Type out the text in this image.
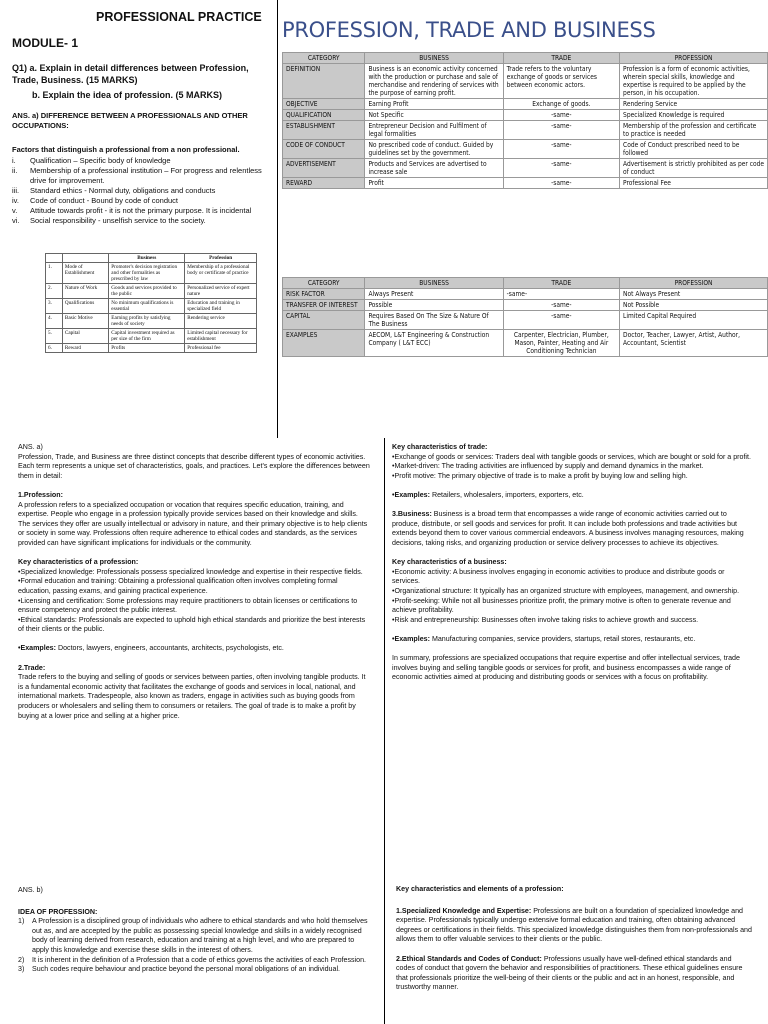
PROFESSIONAL PRACTICE
MODULE- 1
Q1) a. Explain in detail differences between Profession, Trade, Business. (15 MARKS)
b. Explain the idea of profession. (5 MARKS)
ANS. a) DIFFERENCE BETWEEN A PROFESSIONALS AND OTHER OCCUPATIONS:
Factors that distinguish a professional from a non professional.
i.	Qualification – Specific body of knowledge
ii.	Membership of a professional institution – For progress and relentless drive for improvement.
iii.	Standard ethics - Normal duty, obligations and conducts
iv.	Code of conduct - Bound by code of conduct
v.	Attitude towards profit - it is not the primary purpose. It is incidental
vi.	Social responsibility - unselfish service to the society.
		Business	Profession
1.	Mode of Establishment	Promoter's decision registration and other formalities as prescribed by law	Membership of a professional body or certificate of practice
2.	Nature of Work	Goods and services provided to the public	Personalized service of expert nature
3.	Qualifications	No minimum qualifications is essential	Education and training in specialized field
4.	Basic Motive	Earning profits by satisfying needs of society	Rendering service
5.	Capital	Capital investment required as per size of the firm	Limited capital necessary for establishment
6.	Reward	Profits	Professional fee
PROFESSION, TRADE AND BUSINESS
CATEGORY	BUSINESS	TRADE	PROFESSION
DEFINITION	Business is an economic activity concerned with the production or purchase and sale of merchandise and rendering of services with the purpose of earning profit.	Trade refers to the voluntary exchange of goods or services between economic actors.	Profession is a form of economic activities, wherein special skills, knowledge and expertise is required to be applied by the person, in his occupation.
OBJECTIVE	Earning Profit	Exchange of goods.	Rendering Service
QUALIFICATION	Not Specific	-same-	Specialized Knowledge is required
ESTABLISHMENT	Entrepreneur Decision and Fulfilment of legal formalities	-same-	Membership of the profession and certificate to practice is needed
CODE OF CONDUCT	No prescribed code of conduct. Guided by guidelines set by the government.	-same-	Code of Conduct prescribed need to be followed
ADVERTISEMENT	Products and Services are advertised to increase sale	-same-	Advertisement is strictly prohibited as per code of conduct
REWARD	Profit	-same-	Professional Fee
CATEGORY	BUSINESS	TRADE	PROFESSION
RISK FACTOR	Always Present	-same-	Not Always Present
TRANSFER OF INTEREST	Possible	-same-	Not Possible
CAPITAL	Requires Based On The Size & Nature Of The Business	-same-	Limited Capital Required
EXAMPLES	AECOM, L&T Engineering & Construction Company ( L&T ECC)	Carpenter, Electrician, Plumber, Mason, Painter, Heating and Air Conditioning Technician	Doctor, Teacher, Lawyer, Artist, Author, Accountant, Scientist
ANS. a)

Profession, Trade, and Business are three distinct concepts that describe different types of economic activities. Each term represents a unique set of characteristics, goals, and practices. Let's explore the differences between them in detail:

1.Profession:

A profession refers to a specialized occupation or vocation that requires specific education, training, and expertise. People who engage in a profession typically provide services based on their knowledge and skills. The services they offer are usually intellectual or advisory in nature, and their primary objective is to help clients or society in some way. Professions often require adherence to ethical codes and standards, as the services provided can have significant implications for individuals or the community.

Key characteristics of a profession:
•Specialized knowledge: Professionals possess specialized knowledge and expertise in their respective fields.
•Formal education and training: Obtaining a professional qualification often involves completing formal education, passing exams, and gaining practical experience.
•Licensing and certification: Some professions may require practitioners to obtain licenses or certifications to ensure competency and protect the public interest.

•Ethical standards: Professionals are expected to uphold high ethical standards and prioritize the best interests of their clients or the public.

•Examples: Doctors, lawyers, engineers, accountants, architects, psychologists, etc.

2.Trade:

Trade refers to the buying and selling of goods or services between parties, often involving tangible products. It is a fundamental economic activity that facilitates the exchange of goods and services in local, national, and international markets. Tradespeople, also known as traders, engage in activities such as buying goods from producers or wholesalers and selling them to consumers or retailers. The goal of trade is to make a profit by buying at a lower price and selling at a higher price.

Key characteristics of trade:
•Exchange of goods or services: Traders deal with tangible goods or services, which are bought or sold for a profit.
•Market-driven: The trading activities are influenced by supply and demand dynamics in the market.

•Profit motive: The primary objective of trade is to make a profit by buying low and selling high.

•Examples: Retailers, wholesalers, importers, exporters, etc.

3.Business: Business is a broad term that encompasses a wide range of economic activities carried out to produce, distribute, or sell goods and services for profit. It can include both professions and trade activities but extends beyond them to cover various commercial endeavors. A business involves managing resources, making decisions, taking risks, and organizing production or service delivery processes to achieve its objectives.

Key characteristics of a business:
•Economic activity: A business involves engaging in economic activities to produce and distribute goods or services.
•Organizational structure: It typically has an organized structure with employees, management, and ownership.
•Profit-seeking: While not all businesses prioritize profit, the primary motive is often to generate revenue and achieve profitability.

•Risk and entrepreneurship: Businesses often involve taking risks to achieve growth and success.

•Examples: Manufacturing companies, service providers, startups, retail stores, restaurants, etc.

In summary, professions are specialized occupations that require expertise and offer intellectual services, trade involves buying and selling tangible goods or services for profit, and business encompasses a wide range of economic activities aimed at producing and distributing goods or services with a focus on profitability.

ANS. b)

IDEA OF PROFESSION:
1)	A Profession is a disciplined group of individuals who adhere to ethical standards and who hold themselves out as, and are accepted by the public as possessing special knowledge and skills in a widely recognised body of learning derived from research, education and training at a high level, and who are prepared to apply this knowledge and exercise these skills in the interest of others.
2)	It is inherent in the definition of a Profession that a code of ethics governs the activities of each Profession.
3)	Such codes require behaviour and practice beyond the personal moral obligations of an individual.

Key characteristics and elements of a profession:

1.Specialized Knowledge and Expertise: Professions are built on a foundation of specialized knowledge and expertise. Professionals typically undergo extensive formal education and training, often obtaining advanced degrees or certifications in their fields. This specialized knowledge distinguishes them from non-professionals and allows them to offer valuable services to their clients or the public.

2.Ethical Standards and Codes of Conduct: Professions usually have well-defined ethical standards and codes of conduct that govern the behavior and responsibilities of practitioners. These ethical guidelines ensure that professionals prioritize the well-being of their clients or the public and act in an honest, responsible, and trustworthy manner.
